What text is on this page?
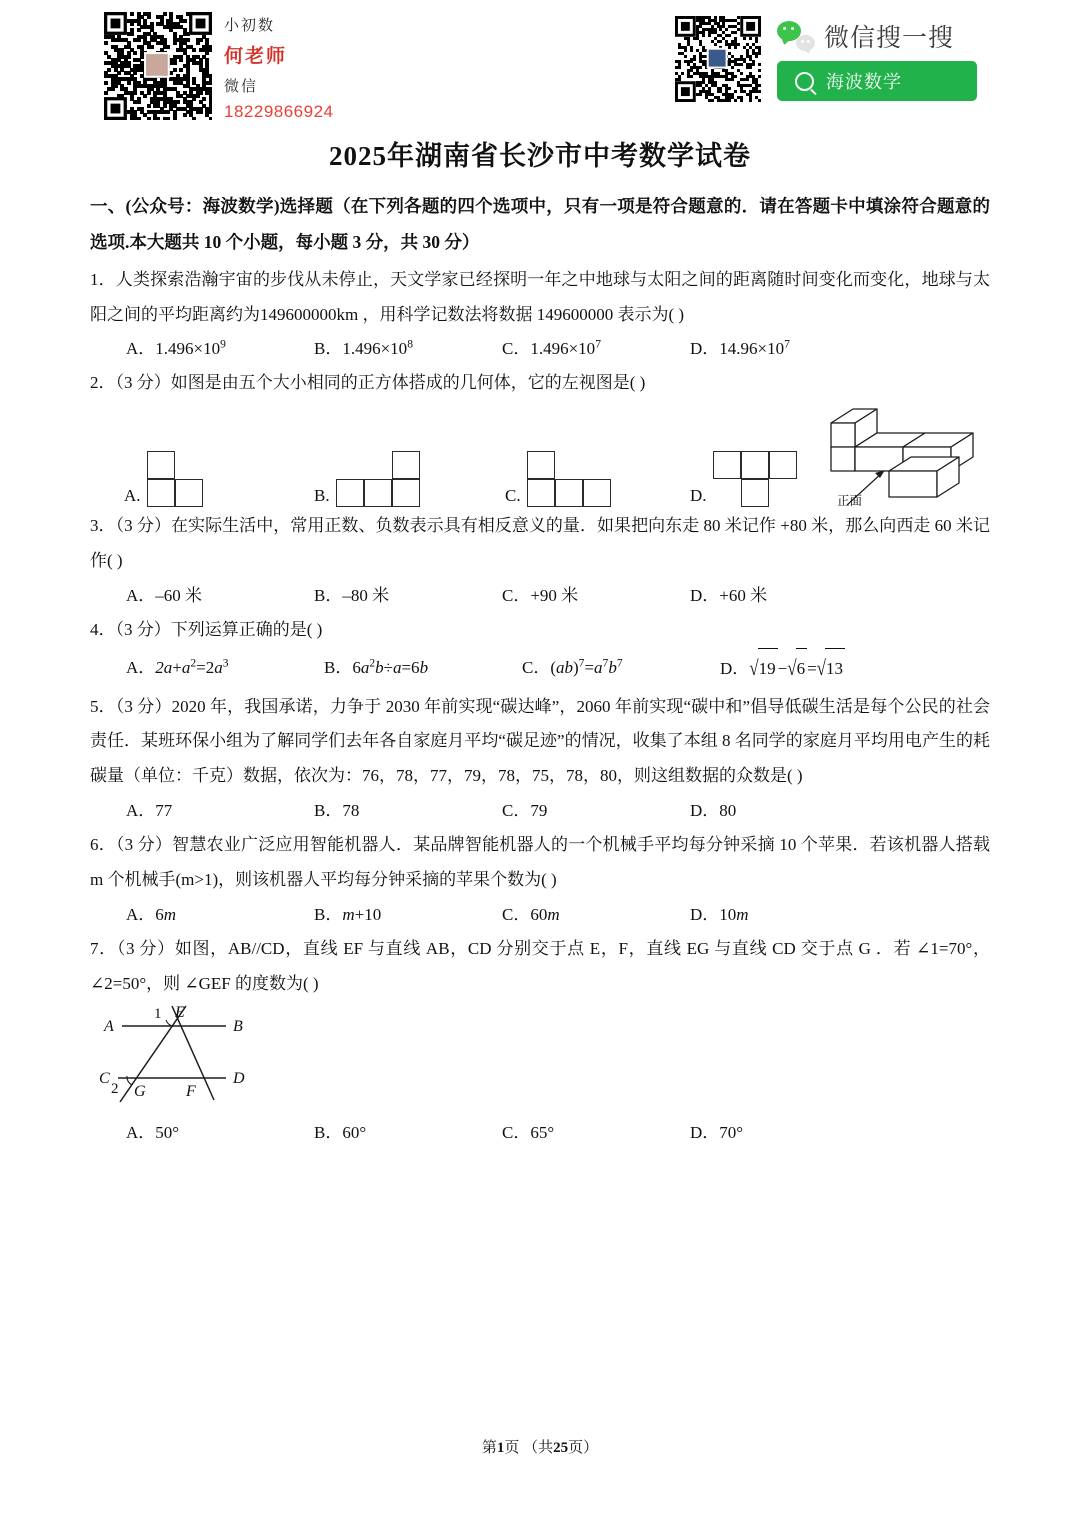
小初数
何老师
微信
18229866924
微信搜一搜
海波数学
2025年湖南省长沙市中考数学试卷

一、(公众号：海波数学)选择题（在下列各题的四个选项中，只有一项是符合题意的．请在答题卡中填涂符合题意的选项.本大题共 10 个小题，每小题 3 分，共 30 分）

1．人类探索浩瀚宇宙的步伐从未停止，天文学家已经探明一年之中地球与太阳之间的距离随时间变化而变化，地球与太阳之间的平均距离约为149600000km ，用科学记数法将数据 149600000 表示为( )

A．$1.496\times 10^9$	B．$1.496\times 10^8$	C．$1.496\times 10^7$	D．$14.96\times 10^7$

2．（3 分）如图是由五个大小相同的正方体搭成的几何体，它的左视图是( )

A.	B.	C.	D.	正面

3．（3 分）在实际生活中，常用正数、负数表示具有相反意义的量．如果把向东走 80 米记作 +80 米，那么向西走 60 米记作( )

A．–60 米	B．–80 米	C．+90 米	D．+60 米

4．（3 分）下列运算正确的是( )

A．$2a+a^2=2a^3$	B．$6a^2b\div a=6b$	C．$(ab)^7=a^7b^7$	D．√19 −√6 =√13

5．（3 分）2020 年，我国承诺，力争于 2030 年前实现“碳达峰”，2060 年前实现“碳中和”倡导低碳生活是每个公民的社会责任．某班环保小组为了解同学们去年各自家庭月平均“碳足迹”的情况，收集了本组 8 名同学的家庭月平均用电产生的耗碳量（单位：千克）数据，依次为：76，78，77，79，78，75，78，80，则这组数据的众数是( )

A．77	B．78	C．79	D．80

6．（3 分）智慧农业广泛应用智能机器人．某品牌智能机器人的一个机械手平均每分钟采摘 10 个苹果．若该机器人搭载 m 个机械手(m>1)，则该机器人平均每分钟采摘的苹果个数为( )

A．6m	B．m+10	C．60m	D．10m

7．（3 分）如图，AB//CD，直线 EF 与直线 AB，CD 分别交于点 E，F，直线 EG 与直线 CD 交于点 G ．若 ∠1=70°，∠2=50°，则 ∠GEF 的度数为( )

A	B
C	D
E
F
G
1
2
A．50°	B．60°	C．65°	D．70°
第1页 （共25页）
